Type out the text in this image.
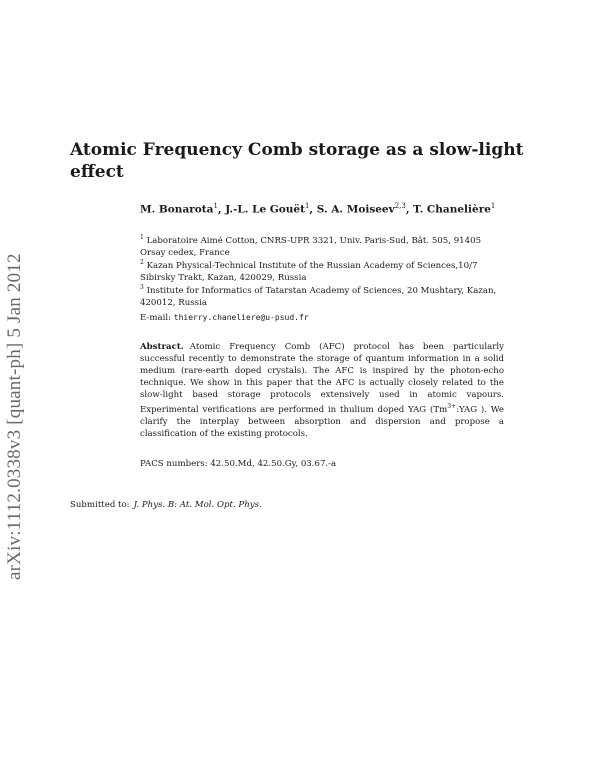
arXiv:1112.0338v3 [quant-ph] 5 Jan 2012
Atomic Frequency Comb storage as a slow-light effect
M. Bonarota$^1$, J.-L. Le Gouët$^1$, S. A. Moiseev$^{2,3}$, T. Chanelière$^1$
$^1$ Laboratoire Aimé Cotton, CNRS-UPR 3321, Univ. Paris-Sud, Bât. 505, 91405 Orsay cedex, France
$^2$ Kazan Physical-Technical Institute of the Russian Academy of Sciences,10/7 Sibirsky Trakt, Kazan, 420029, Russia
$^3$ Institute for Informatics of Tatarstan Academy of Sciences, 20 Mushtary, Kazan, 420012, Russia
E-mail: thierry.chaneliere@u-psud.fr
Abstract. Atomic Frequency Comb (AFC) protocol has been particularly successful recently to demonstrate the storage of quantum information in a solid medium (rare-earth doped crystals). The AFC is inspired by the photon-echo technique. We show in this paper that the AFC is actually closely related to the slow-light based storage protocols extensively used in atomic vapours. Experimental verifications are performed in thulium doped YAG ($Tm^{3+}:YAG$ ). We clarify the interplay between absorption and dispersion and propose a classification of the existing protocols.
PACS numbers: 42.50.Md, 42.50.Gy, 03.67.-a
Submitted to: J. Phys. B: At. Mol. Opt. Phys.
